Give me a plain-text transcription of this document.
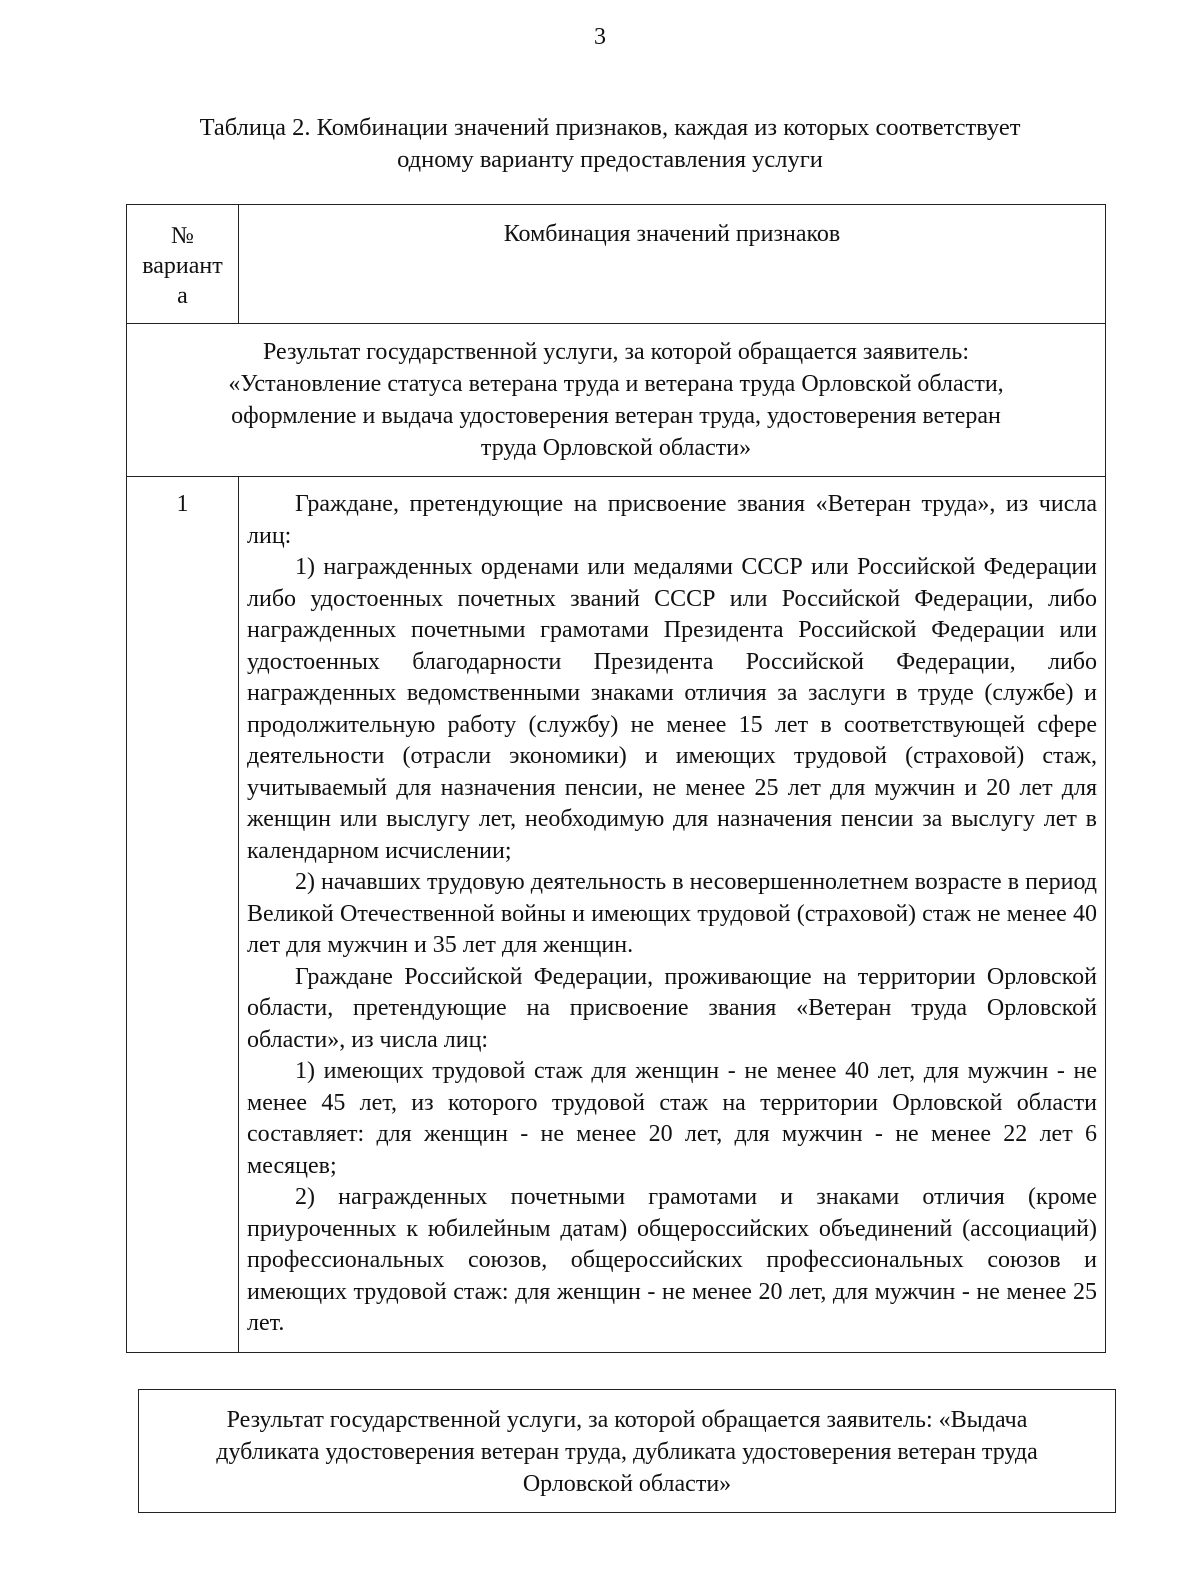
3
Таблица 2. Комбинации значений признаков, каждая из которых соответствует
одному варианту предоставления услуги
№
вариант
а
Комбинация значений признаков
Результат государственной услуги, за которой обращается заявитель:
«Установление статуса ветерана труда и ветерана труда Орловской области,
оформление и выдача удостоверения ветеран труда, удостоверения ветеран
труда Орловской области»
1	Граждане, претендующие на присвоение звания «Ветеран труда», из числа лиц:

1) награжденных орденами или медалями СССР или Российской Федерации либо удостоенных почетных званий СССР или Российской Федерации, либо награжденных почетными грамотами Президента Российской Федерации или удостоенных благодарности Президента Российской Федерации, либо награжденных ведомственными знаками отличия за заслуги в труде (службе) и продолжительную работу (службу) не менее 15 лет в соответствующей сфере деятельности (отрасли экономики) и имеющих трудовой (страховой) стаж, учитываемый для назначения пенсии, не менее 25 лет для мужчин и 20 лет для женщин или выслугу лет, необходимую для назначения пенсии за выслугу лет в календарном исчислении;

2) начавших трудовую деятельность в несовершеннолетнем возрасте в период Великой Отечественной войны и имеющих трудовой (страховой) стаж не менее 40 лет для мужчин и 35 лет для женщин.

Граждане Российской Федерации, проживающие на территории Орловской области, претендующие на присвоение звания «Ветеран труда Орловской области», из числа лиц:

1) имеющих трудовой стаж для женщин - не менее 40 лет, для мужчин - не менее 45 лет, из которого трудовой стаж на территории Орловской области составляет: для женщин - не менее 20 лет, для мужчин - не менее 22 лет 6 месяцев;

2) награжденных почетными грамотами и знаками отличия (кроме приуроченных к юбилейным датам) общероссийских объединений (ассоциаций) профессиональных союзов, общероссийских профессиональных союзов и имеющих трудовой стаж: для женщин - не менее 20 лет, для мужчин - не менее 25 лет.

Результат государственной услуги, за которой обращается заявитель: «Выдача
дубликата удостоверения ветеран труда, дубликата удостоверения ветеран труда
Орловской области»
